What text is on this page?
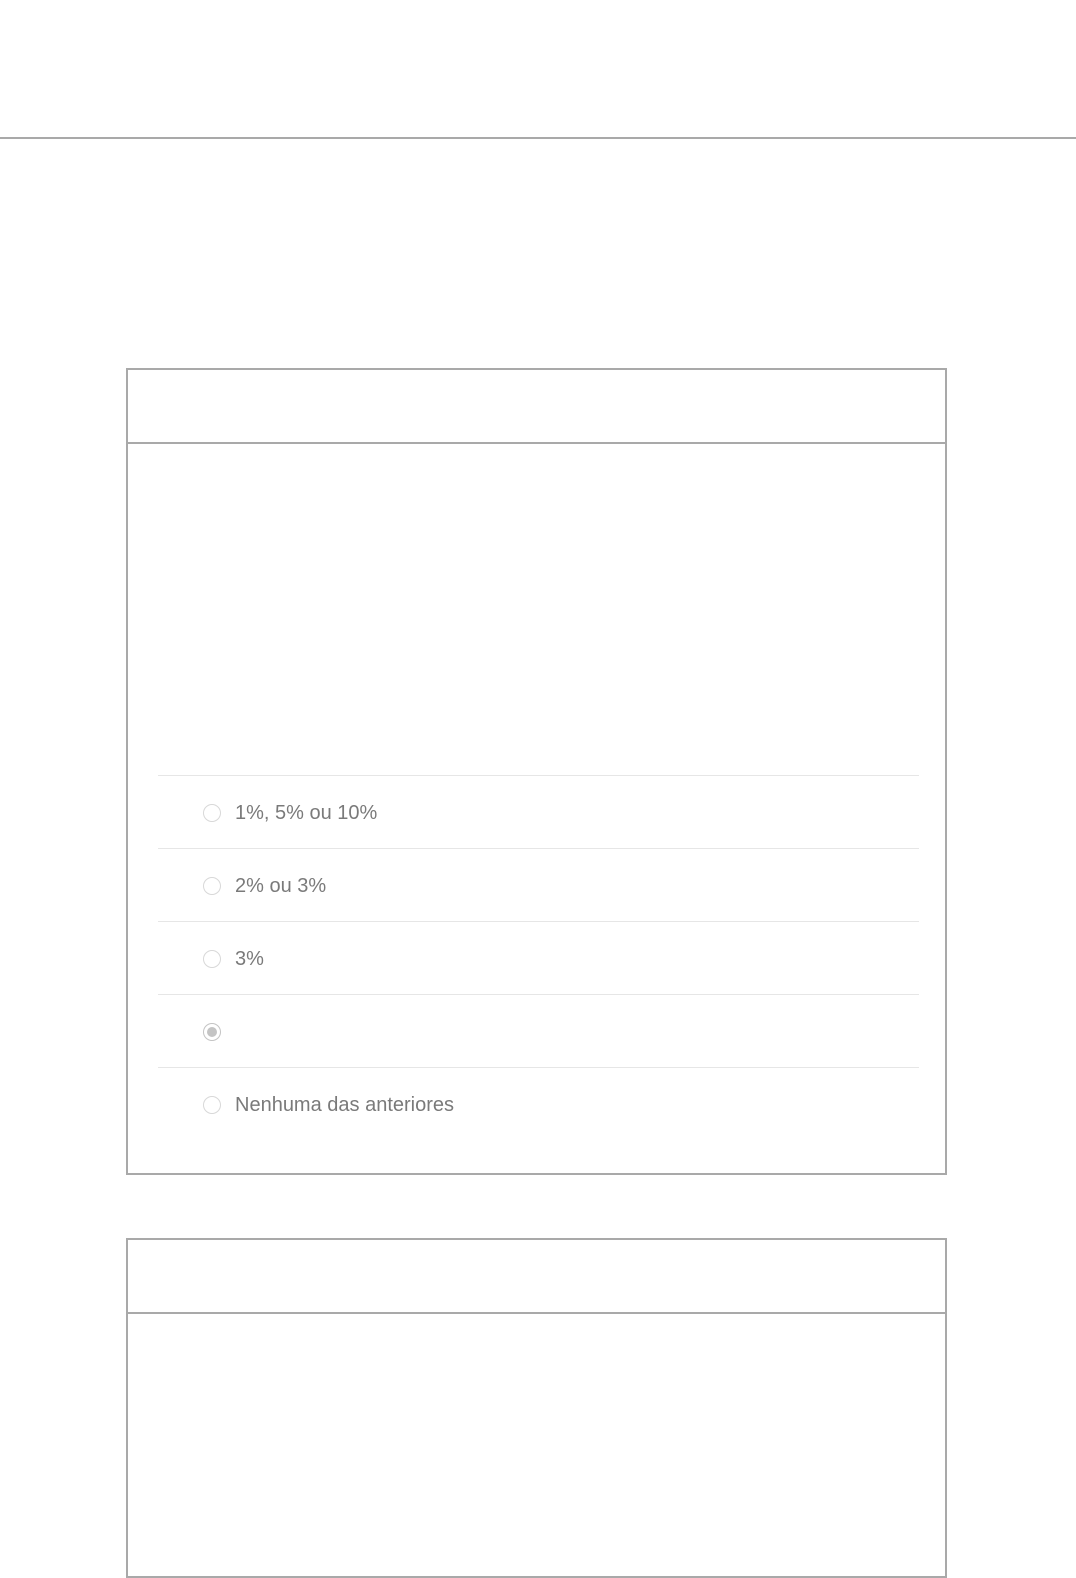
1%, 5% ou 10%
2% ou 3%
3%
Nenhuma das anteriores
